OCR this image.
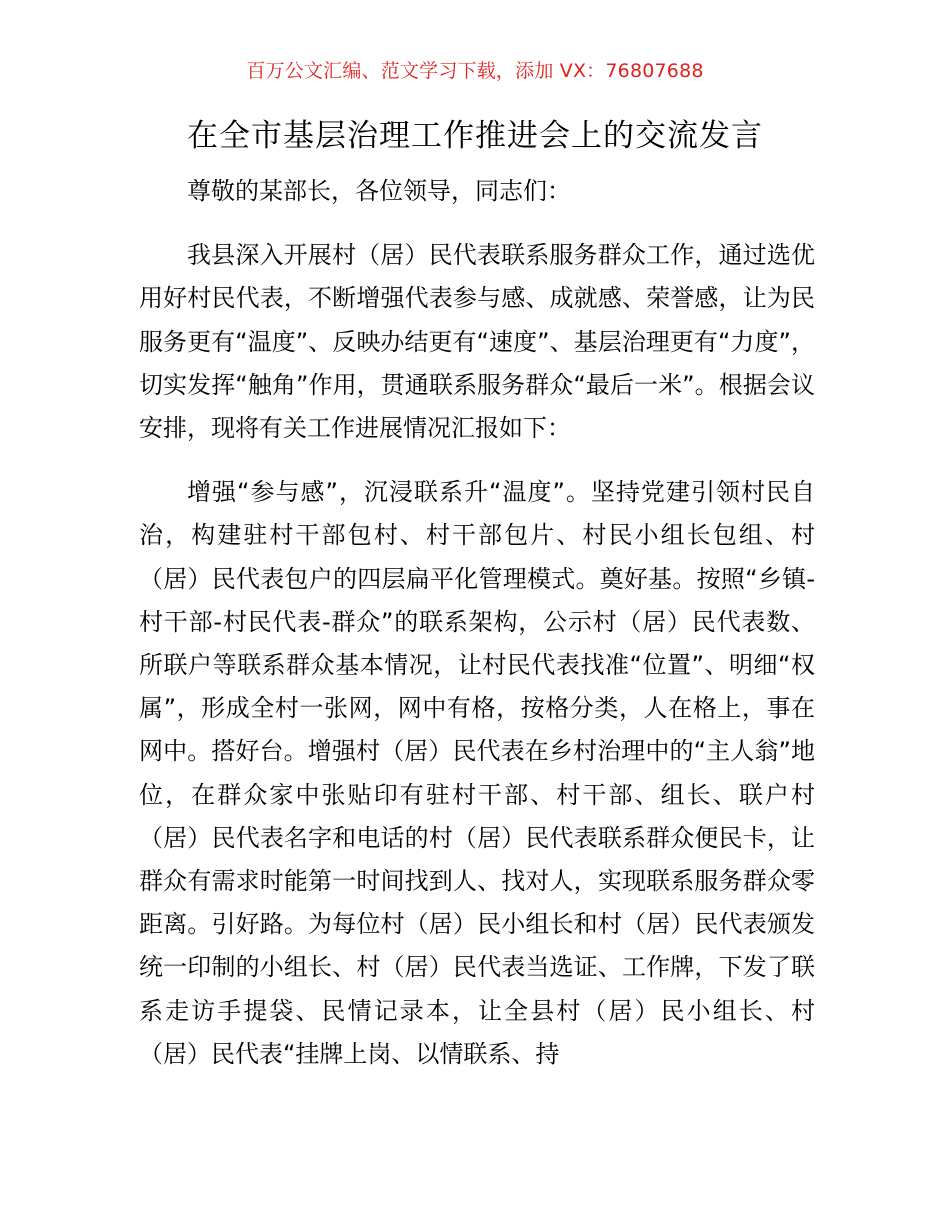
百万公文汇编、范文学习下载，添加 VX：76807688
在全市基层治理工作推进会上的交流发言

尊敬的某部长，各位领导，同志们：

我县深入开展村（居）民代表联系服务群众工作，通过选优用好村民代表，不断增强代表参与感、成就感、荣誉感，让为民服务更有“温度”、反映办结更有“速度”、基层治理更有“力度”，切实发挥“触角”作用，贯通联系服务群众“最后一米”。根据会议安排，现将有关工作进展情况汇报如下：

增强“参与感”，沉浸联系升“温度”。坚持党建引领村民自治，构建驻村干部包村、村干部包片、村民小组长包组、村（居）民代表包户的四层扁平化管理模式。奠好基。按照“乡镇-村干部-村民代表-群众”的联系架构，公示村（居）民代表数、所联户等联系群众基本情况，让村民代表找准“位置”、明细“权属”，形成全村一张网，网中有格，按格分类，人在格上，事在网中。搭好台。增强村（居）民代表在乡村治理中的“主人翁”地位，在群众家中张贴印有驻村干部、村干部、组长、联户村（居）民代表名字和电话的村（居）民代表联系群众便民卡，让群众有需求时能第一时间找到人、找对人，实现联系服务群众零距离。引好路。为每位村（居）民小组长和村（居）民代表颁发统一印制的小组长、村（居）民代表当选证、工作牌，下发了联系走访手提袋、民情记录本，让全县村（居）民小组长、村（居）民代表“挂牌上岗、以情联系、持
